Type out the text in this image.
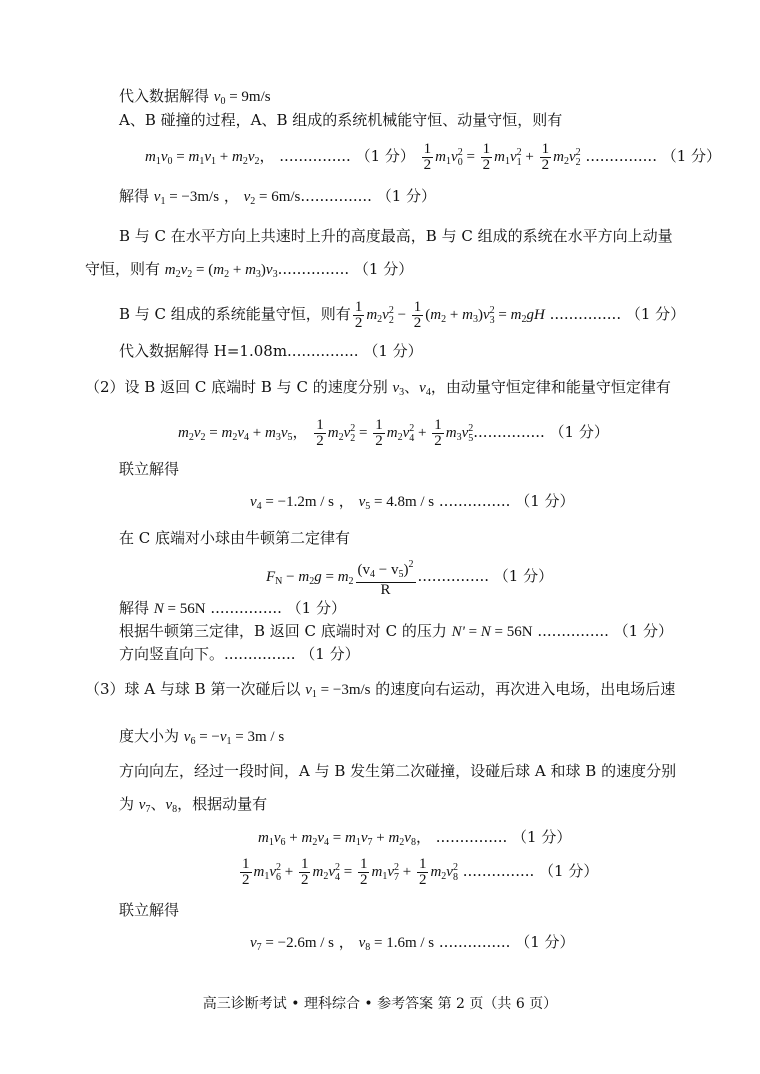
代入数据解得 $v_0 = 9m/s$
A、B 碰撞的过程，A、B 组成的系统机械能守恒、动量守恒，则有
$m_1v_0 = m_1v_1 + m_2v_2$， ............... （1 分） $\frac{1}{2} m_1v$ 2
$0 = \frac{1}{2} m_1v$ 2
$1 + \frac{1}{2} m_2v$ 2
2 ............... （1 分）
解得 $v_1 = -3m/s$ ， $v_2 = 6m/s$............... （1 分）
B 与 C 在水平方向上共速时上升的高度最高，B 与 C 组成的系统在水平方向上动量
守恒，则有 $m_2v_2 = (m_2 + m_3)v_3$............... （1 分）
B 与 C 组成的系统能量守恒，则有 $\frac{1}{2} m_2v$ 2
$2 - \frac{1}{2} (m_2 + m_3)v$ 2
$3 = m_2gH$ ............... （1 分）
代入数据解得 H=1.08m............... （1 分）
（2）设 B 返回 C 底端时 B 与 C 的速度分别 $v_3$、$v_4$，由动量守恒定律和能量守恒定律有
$m_2v_2 = m_2v_4 + m_3v_5$， $\frac{1}{2} m_2v$ 2
$2 = \frac{1}{2} m_2v$ 2
$4 + \frac{1}{2} m_3v$ 2
5 ............... （1 分）
联立解得
$v_4 = -1.2m / s$ ， $v_5 = 4.8m / s$ ............... （1 分）
在 C 底端对小球由牛顿第二定律有
$F_N - m_2g = m_2 \frac{(v_4 - v_5)^2}{R}$ ............... （1 分）
解得 N = 56N ............... （1 分）
根据牛顿第三定律，B 返回 C 底端时对 C 的压力 N' = N = 56N ............... （1 分）
方向竖直向下。............... （1 分）
（3）球 A 与球 B 第一次碰后以 $v_1 = -3m/s$ 的速度向右运动，再次进入电场，出电场后速
度大小为 $v_6 = -v_1 = 3m / s$
方向向左，经过一段时间，A 与 B 发生第二次碰撞，设碰后球 A 和球 B 的速度分别
为 $v_7$、$v_8$，根据动量有
$m_1v_6 + m_2v_4 = m_1v_7 + m_2v_8$， ............... （1 分）
$\frac{1}{2} m_1v$ 2
$6 + \frac{1}{2} m_2v$ 2
$4 = \frac{1}{2} m_1v$ 2
$7 + \frac{1}{2} m_2v$ 2
8 ............... （1 分）
联立解得
$v_7 = -2.6m / s$ ， $v_8 = 1.6m / s$ ............... （1 分）
高三诊断考试 • 理科综合 • 参考答案 第 2 页（共 6 页）
